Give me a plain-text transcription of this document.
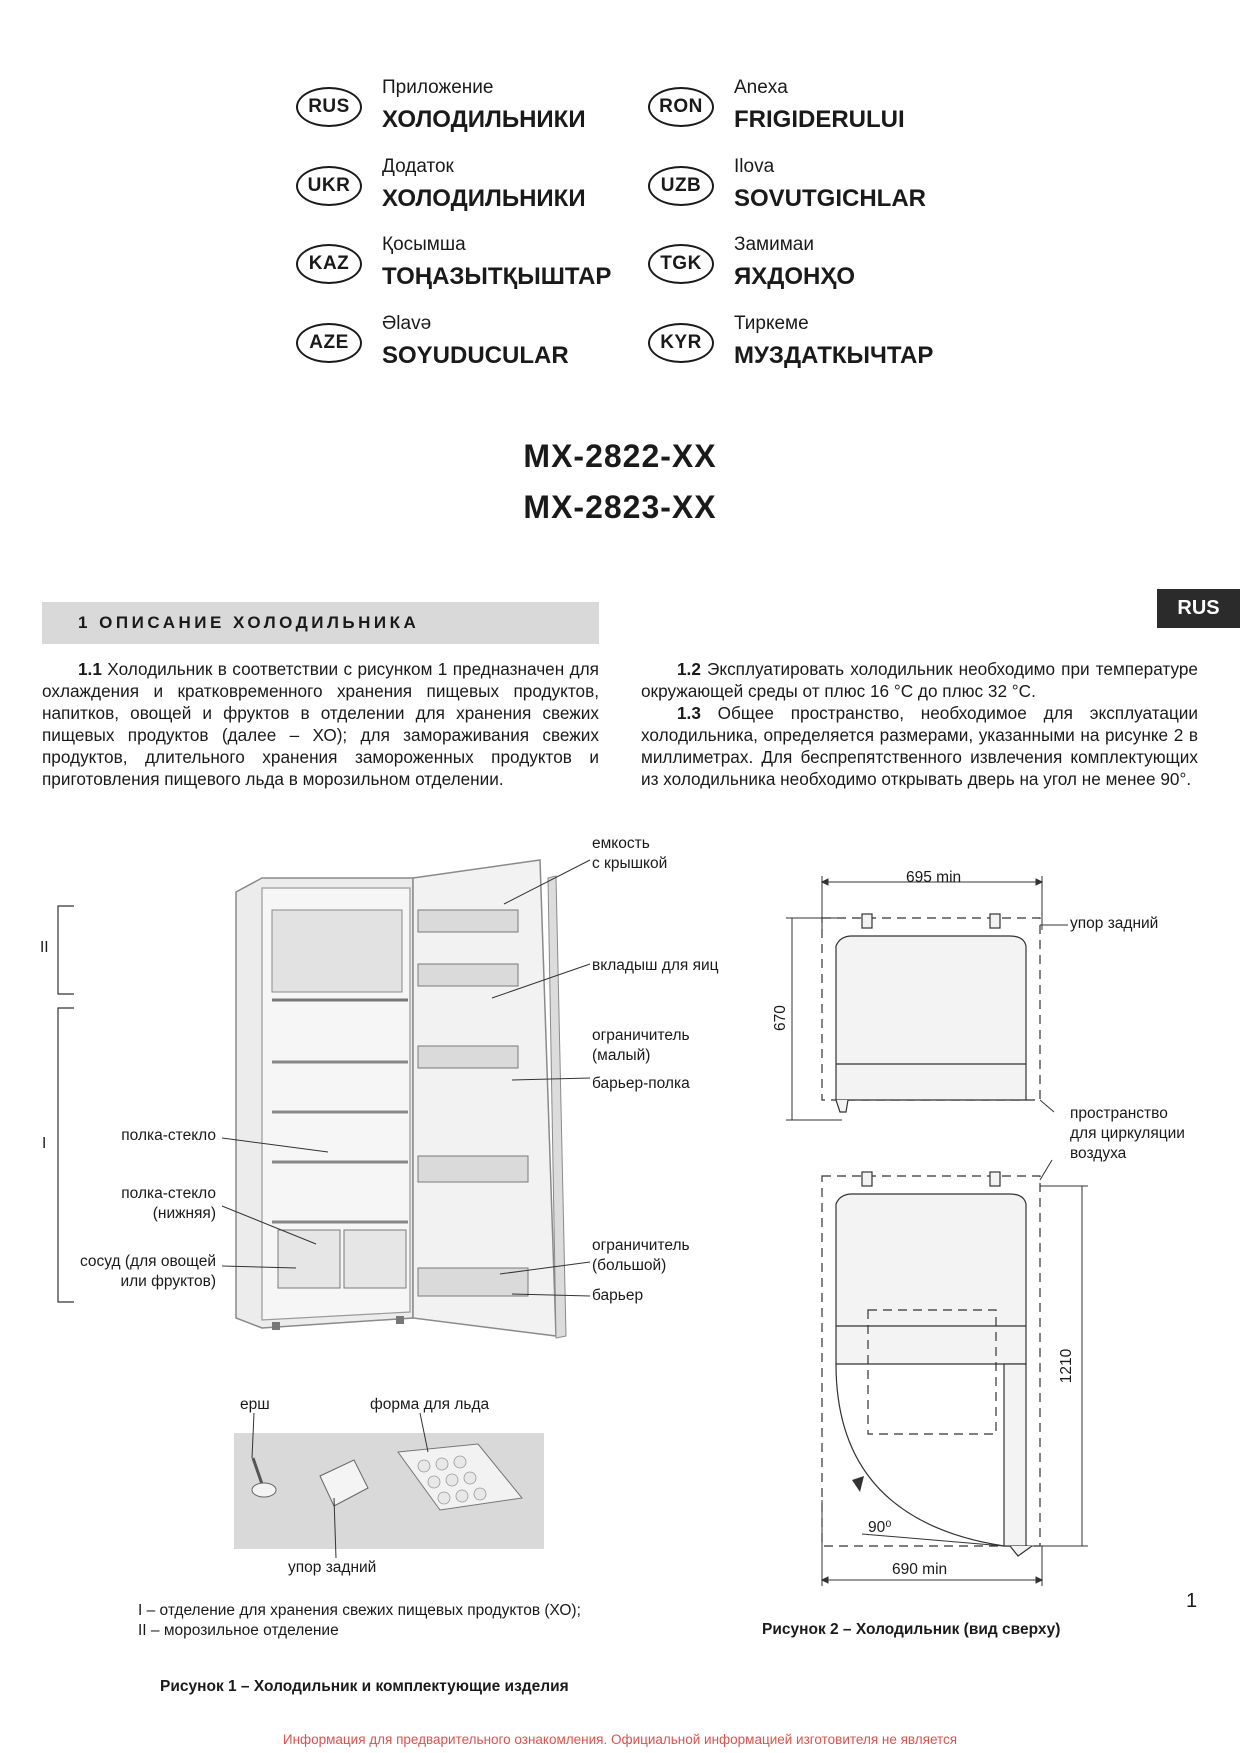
RUS
Приложение
ХОЛОДИЛЬНИКИ
UKR
Додаток
ХОЛОДИЛЬНИКИ
KAZ
Қосымша
ТОҢАЗЫТҚЫШТАР
AZE
Əlavə
SOYUDUCULAR
RON
Anexa
FRIGIDERULUI
UZB
Ilova
SOVUTGICHLAR
TGK
Замимаи
ЯХДОНҲО
KYR
Тиркеме
МУЗДАТКЫЧТАР
МХ-2822-ХХ
МХ-2823-ХХ
RUS
1 ОПИСАНИЕ ХОЛОДИЛЬНИКА
1.1 Холодильник в соответствии с рисунком 1 предназначен для охлаждения и кратковременного хранения пищевых продуктов, напитков, овощей и фруктов в отделении для хранения свежих пищевых продуктов (далее – ХО); для замораживания свежих продуктов, длительного хранения замороженных продуктов и приготовления пищевого льда в морозильном отделении.
1.2 Эксплуатировать холодильник необходимо при температуре окружающей среды от плюс 16 °С до плюс 32 °С.
1.3 Общее пространство, необходимое для эксплуатации холодильника, определяется размерами, указанными на рисунке 2 в миллиметрах. Для беспрепятственного извлечения комплектующих из холодильника необходимо открывать дверь на угол не менее 90°.
емкость
с крышкой
вкладыш для яиц
ограничитель
(малый)
барьер-полка
ограничитель
(большой)
барьер
полка-стекло
полка-стекло
(нижняя)
сосуд (для овощей
или фруктов)
II
I
ерш	форма для льда
упор задний
I – отделение для хранения свежих пищевых продуктов (ХО);
II – морозильное отделение
Рисунок 1 – Холодильник и комплектующие изделия
695 min
670
упор задний
пространство
для циркуляции
воздуха
1210
90⁰
690 min
Рисунок 2 – Холодильник (вид сверху)
1
Информация для предварительного ознакомления. Официальной информацией изготовителя не является
